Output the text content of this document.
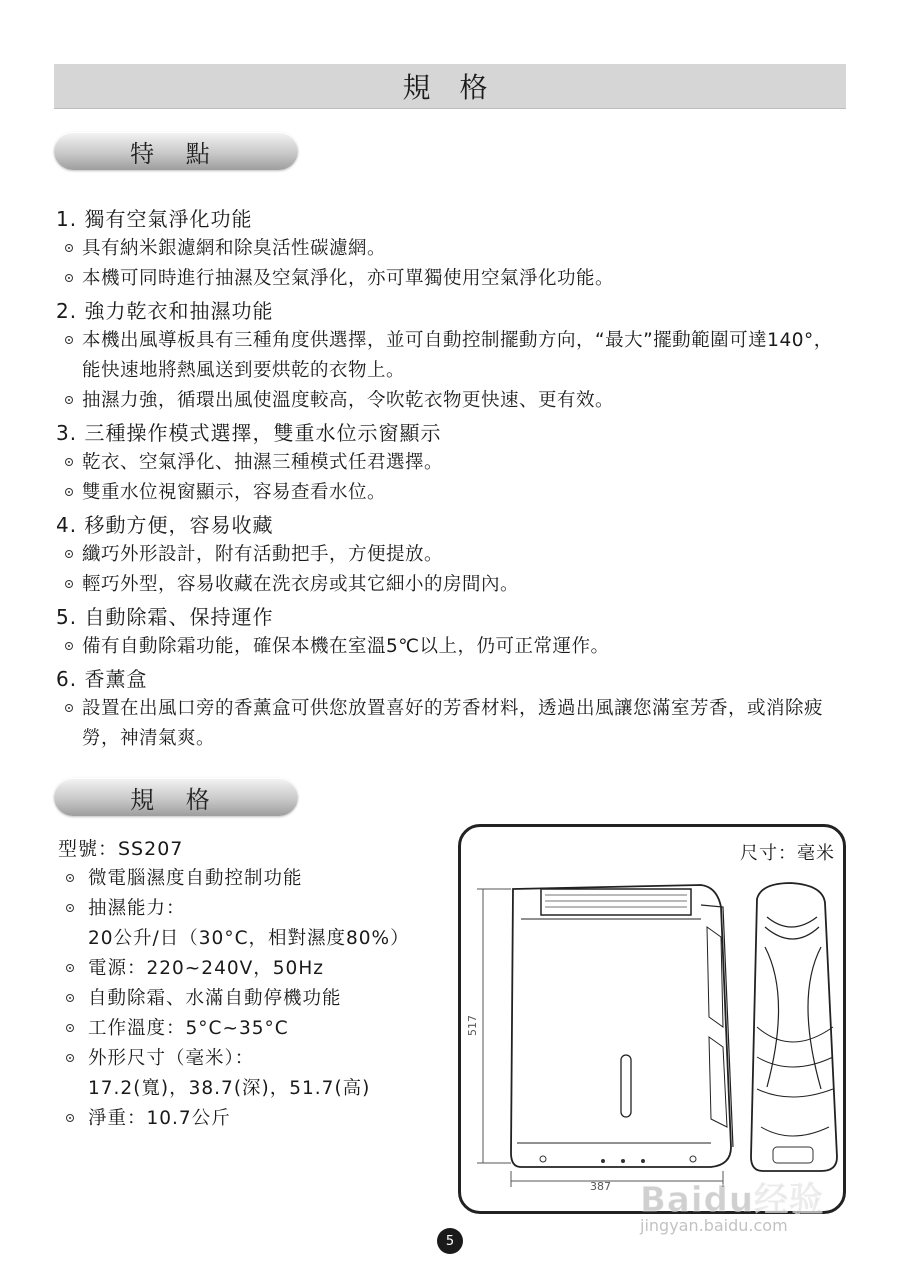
規 格
特 點
1. 獨有空氣淨化功能
具有納米銀濾網和除臭活性碳濾網。
本機可同時進行抽濕及空氣淨化，亦可單獨使用空氣淨化功能。
2. 強力乾衣和抽濕功能
本機出風導板具有三種角度供選擇，並可自動控制擺動方向，“最大”擺動範圍可達140°，能快速地將熱風送到要烘乾的衣物上。
抽濕力強，循環出風使溫度較高，令吹乾衣物更快速、更有效。
3. 三種操作模式選擇，雙重水位示窗顯示
乾衣、空氣淨化、抽濕三種模式任君選擇。
雙重水位視窗顯示，容易查看水位。
4. 移動方便，容易收藏
纖巧外形設計，附有活動把手，方便提放。
輕巧外型，容易收藏在洗衣房或其它細小的房間內。
5. 自動除霜、保持運作
備有自動除霜功能，確保本機在室溫5℃以上，仍可正常運作。
6. 香薰盒
設置在出風口旁的香薰盒可供您放置喜好的芳香材料，透過出風讓您滿室芳香，或消除疲勞，神清氣爽。
規 格
型號：SS207
微電腦濕度自動控制功能
抽濕能力：
20公升/日（30°C，相對濕度80%）
電源：220~240V，50Hz
自動除霜、水滿自動停機功能
工作溫度：5°C~35°C
外形尺寸（毫米）：
17.2(寬)，38.7(深)，51.7(高)
淨重：10.7公斤
尺寸：毫米
387
517
5
Baidu经验
jingyan.baidu.com
